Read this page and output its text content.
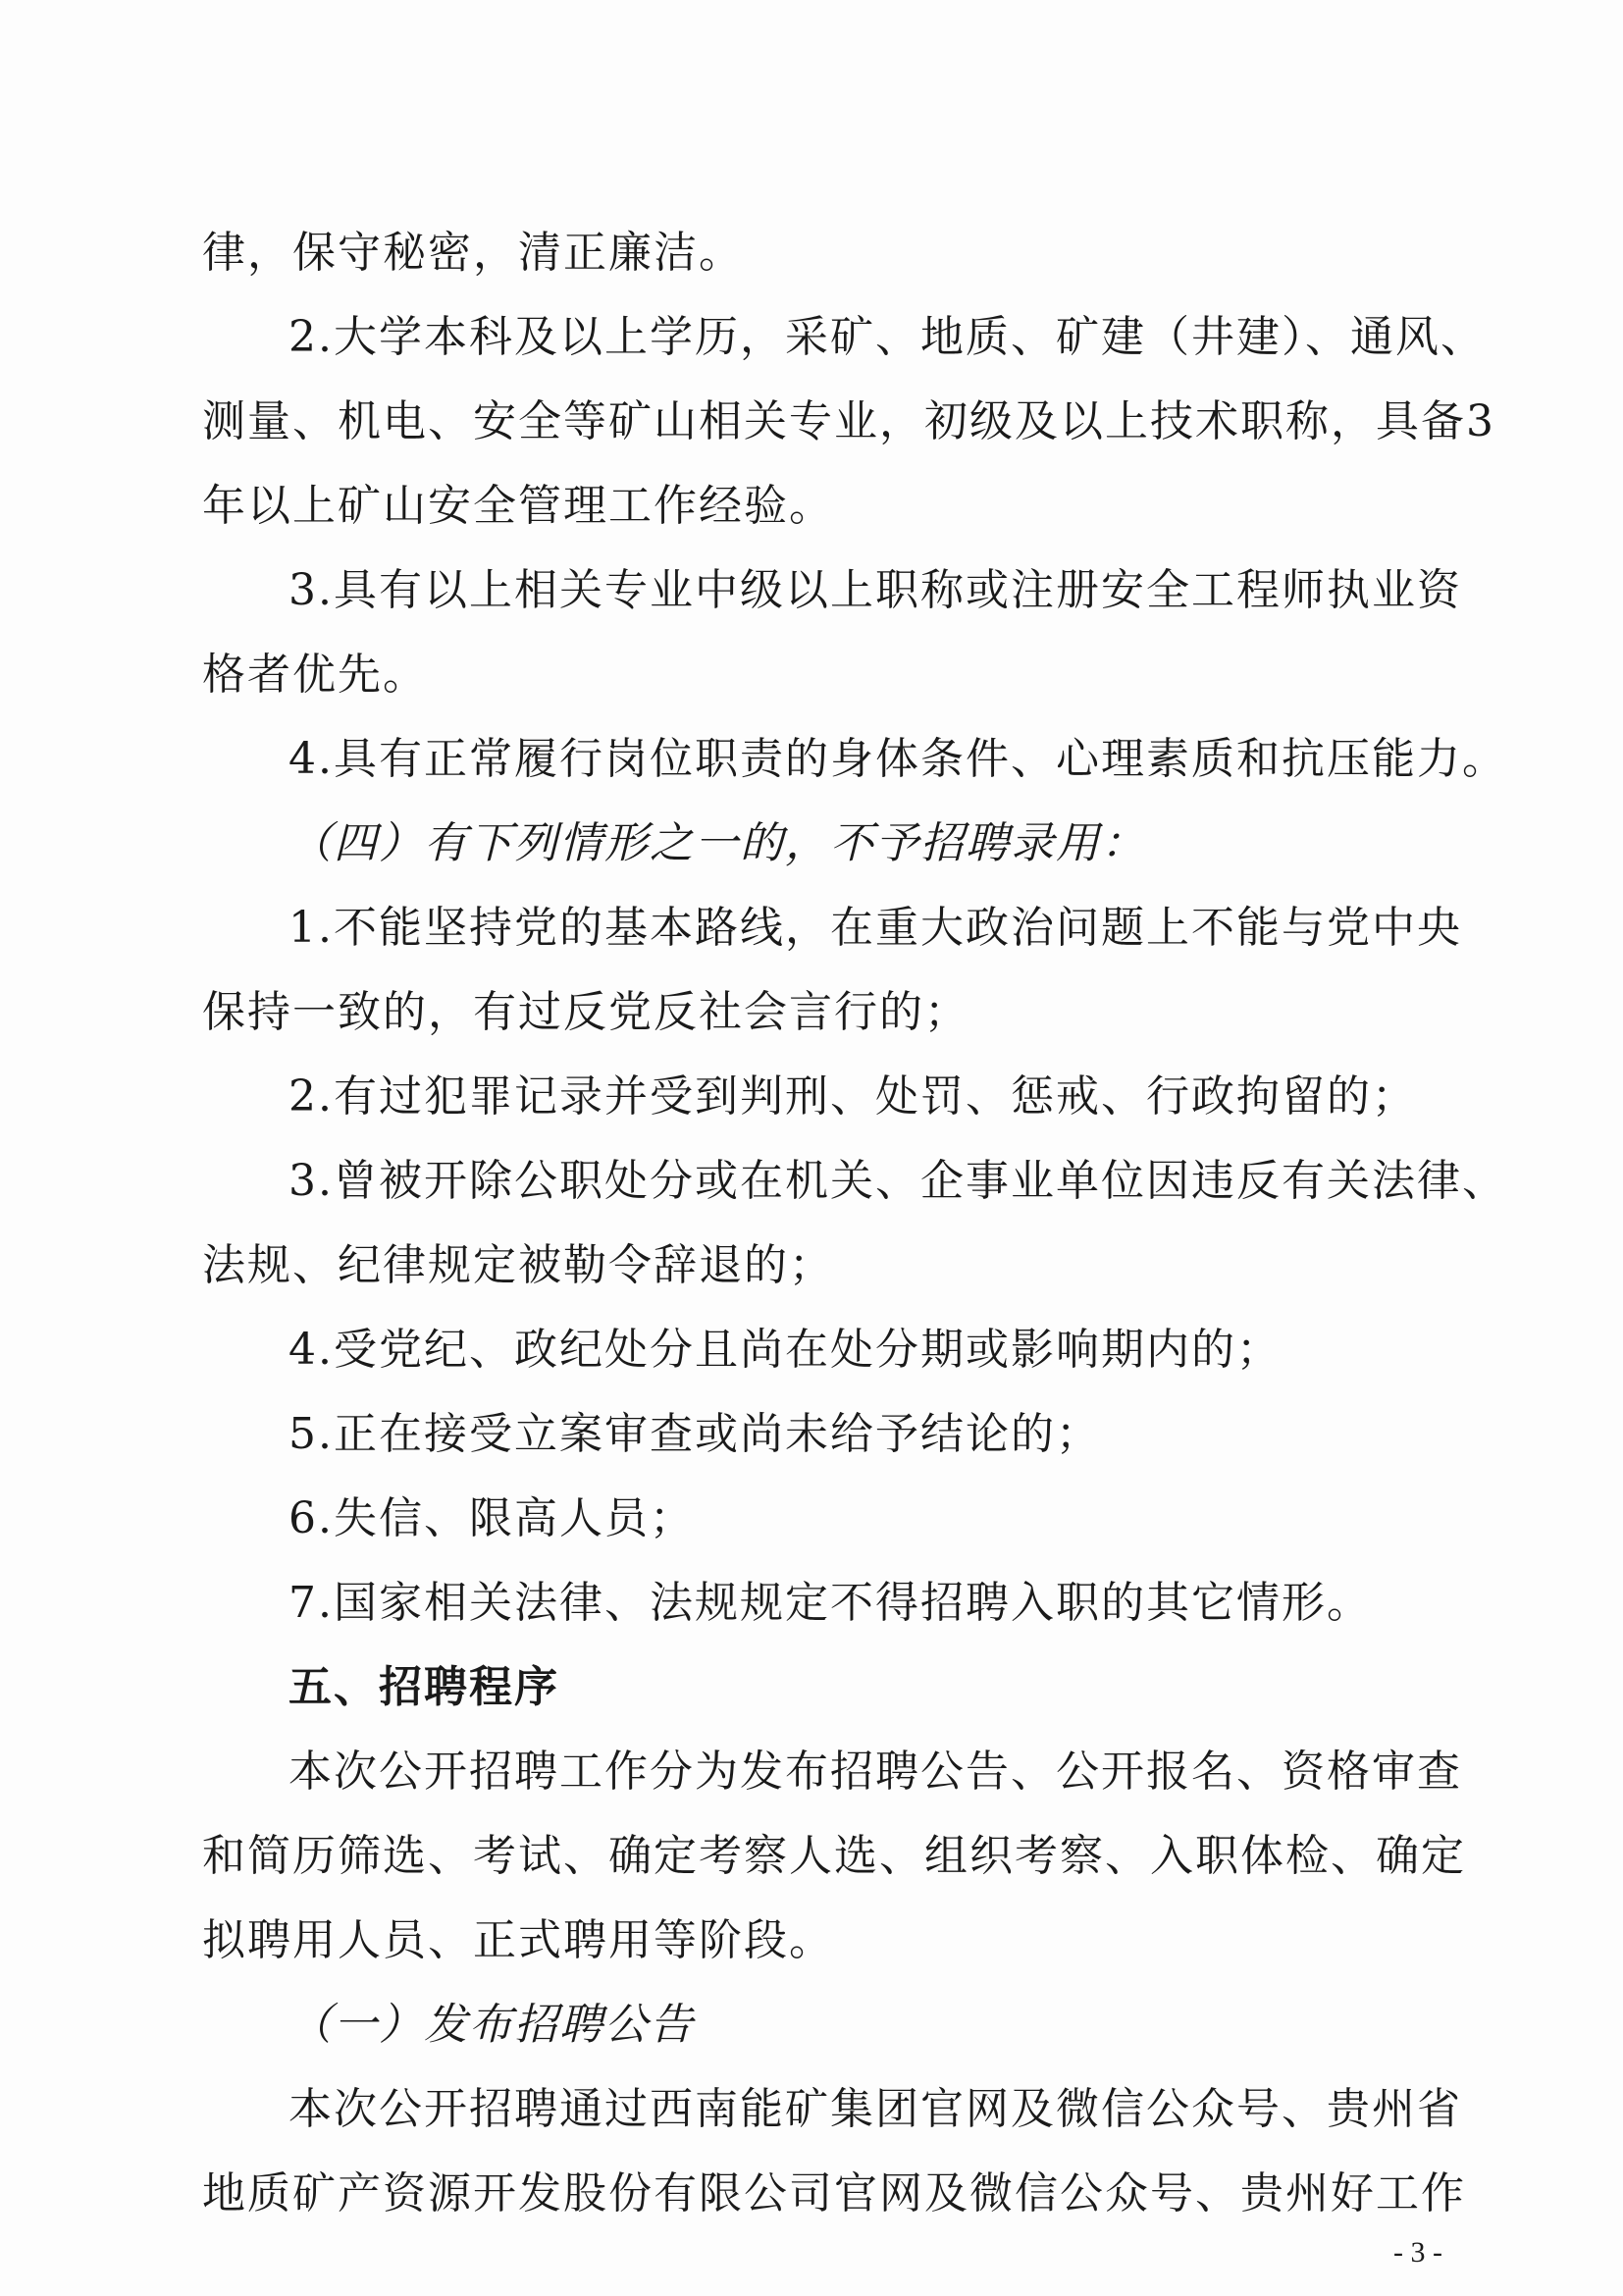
律，保守秘密，清正廉洁。
2.大学本科及以上学历，采矿、地质、矿建（井建）、通风、
测量、机电、安全等矿山相关专业，初级及以上技术职称，具备3
年以上矿山安全管理工作经验。
3.具有以上相关专业中级以上职称或注册安全工程师执业资
格者优先。
4.具有正常履行岗位职责的身体条件、心理素质和抗压能力。
（四）有下列情形之一的，不予招聘录用：
1.不能坚持党的基本路线，在重大政治问题上不能与党中央
保持一致的，有过反党反社会言行的；
2.有过犯罪记录并受到判刑、处罚、惩戒、行政拘留的；
3.曾被开除公职处分或在机关、企事业单位因违反有关法律、
法规、纪律规定被勒令辞退的；
4.受党纪、政纪处分且尚在处分期或影响期内的；
5.正在接受立案审查或尚未给予结论的；
6.失信、限高人员；
7.国家相关法律、法规规定不得招聘入职的其它情形。
五、招聘程序
本次公开招聘工作分为发布招聘公告、公开报名、资格审查
和简历筛选、考试、确定考察人选、组织考察、入职体检、确定
拟聘用人员、正式聘用等阶段。
（一）发布招聘公告
本次公开招聘通过西南能矿集团官网及微信公众号、贵州省
地质矿产资源开发股份有限公司官网及微信公众号、贵州好工作
- 3 -
